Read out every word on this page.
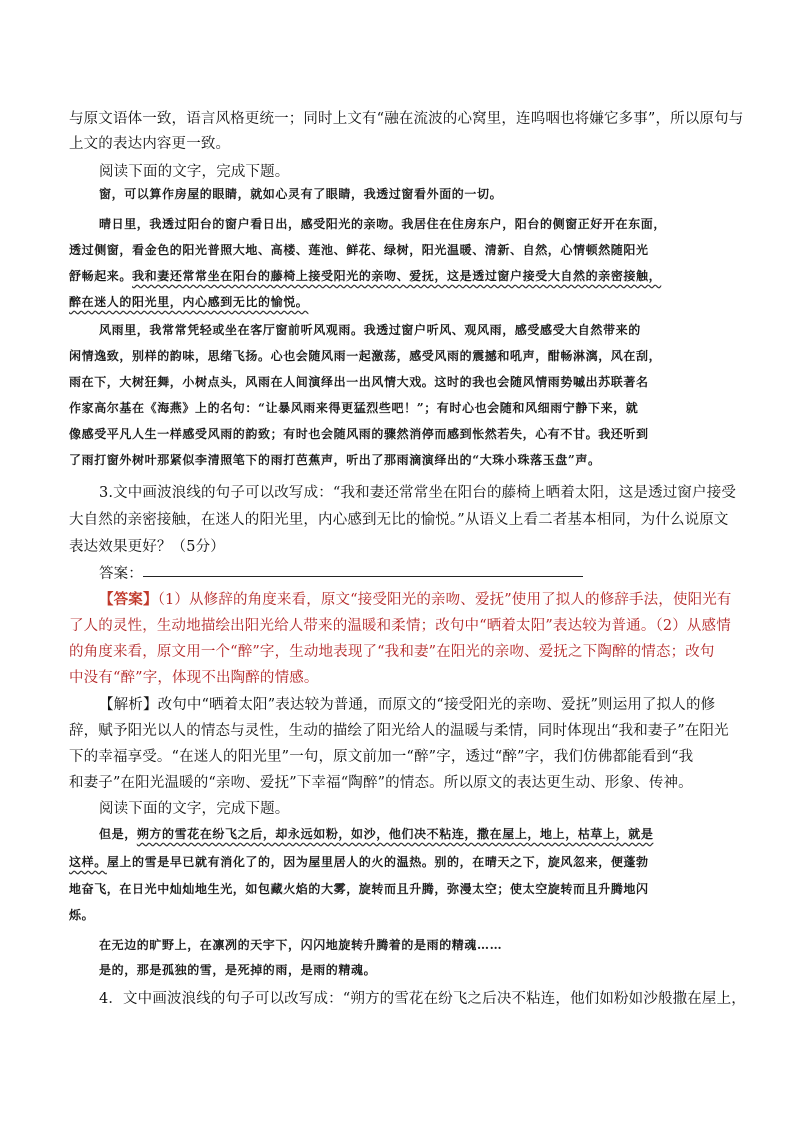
与原文语体一致，语言风格更统一；同时上文有“融在流波的心窝里，连呜咽也将嫌它多事”，所以原句与
上文的表达内容更一致。
阅读下面的文字，完成下题。
窗，可以算作房屋的眼睛，就如心灵有了眼睛，我透过窗看外面的一切。
晴日里，我透过阳台的窗户看日出，感受阳光的亲吻。我居住在住房东户，阳台的侧窗正好开在东面，
透过侧窗，看金色的阳光普照大地、高楼、莲池、鲜花、绿树，阳光温暖、清新、自然，心情顿然随阳光
舒畅起来。我和妻还常常坐在阳台的藤椅上接受阳光的亲吻、爱抚，这是透过窗户接受大自然的亲密接触，
醉在迷人的阳光里，内心感到无比的愉悦。
风雨里，我常常凭轻或坐在客厅窗前听风观雨。我透过窗户听风、观风雨，感受感受大自然带来的
闲情逸致，别样的韵味，思绪飞扬。心也会随风雨一起激荡，感受风雨的震撼和吼声，酣畅淋漓，风在刮，
雨在下，大树狂舞，小树点头，风雨在人间演绎出一出风情大戏。这时的我也会随风情雨势嘁出苏联著名
作家高尔基在《海燕》上的名句：“让暴风雨来得更猛烈些吧！”；有时心也会随和风细雨宁静下来，就
像感受平凡人生一样感受风雨的韵致；有时也会随风雨的骤然消停而感到怅然若失，心有不甘。我还听到
了雨打窗外树叶那紧似李清照笔下的雨打芭蕉声，听出了那雨滴演绎出的“大珠小珠落玉盘”声。
3.文中画波浪线的句子可以改写成：“我和妻还常常坐在阳台的藤椅上晒着太阳，这是透过窗户接受
大自然的亲密接触，在迷人的阳光里，内心感到无比的愉悦。”从语义上看二者基本相同，为什么说原文
表达效果更好？（5分）
答案：
【答案】（1）从修辞的角度来看，原文“接受阳光的亲吻、爱抚”使用了拟人的修辞手法，使阳光有
了人的灵性，生动地描绘出阳光给人带来的温暖和柔情；改句中“晒着太阳”表达较为普通。（2）从感情
的角度来看，原文用一个“醉”字，生动地表现了“我和妻”在阳光的亲吻、爱抚之下陶醉的情态；改句
中没有“醉”字，体现不出陶醉的情感。
【解析】改句中“晒着太阳”表达较为普通，而原文的“接受阳光的亲吻、爱抚”则运用了拟人的修
辞，赋予阳光以人的情态与灵性，生动的描绘了阳光给人的温暖与柔情，同时体现出“我和妻子”在阳光
下的幸福享受。“在迷人的阳光里”一句，原文前加一“醉”字，透过“醉”字，我们仿佛都能看到“我
和妻子”在阳光温暖的“亲吻、爱抚”下幸福“陶醉”的情态。所以原文的表达更生动、形象、传神。
阅读下面的文字，完成下题。
但是，朔方的雪花在纷飞之后，却永远如粉，如沙，他们决不粘连，撒在屋上，地上，枯草上，就是
这样。屋上的雪是早已就有消化了的，因为屋里居人的火的温热。别的，在晴天之下，旋风忽来，便蓬勃
地奋飞，在日光中灿灿地生光，如包藏火焰的大雾，旋转而且升腾，弥漫太空；使太空旋转而且升腾地闪
烁。
在无边的旷野上，在凛冽的天宇下，闪闪地旋转升腾着的是雨的精魂……
是的，那是孤独的雪，是死掉的雨，是雨的精魂。
4．文中画波浪线的句子可以改写成：“朔方的雪花在纷飞之后决不粘连，他们如粉如沙般撒在屋上，
